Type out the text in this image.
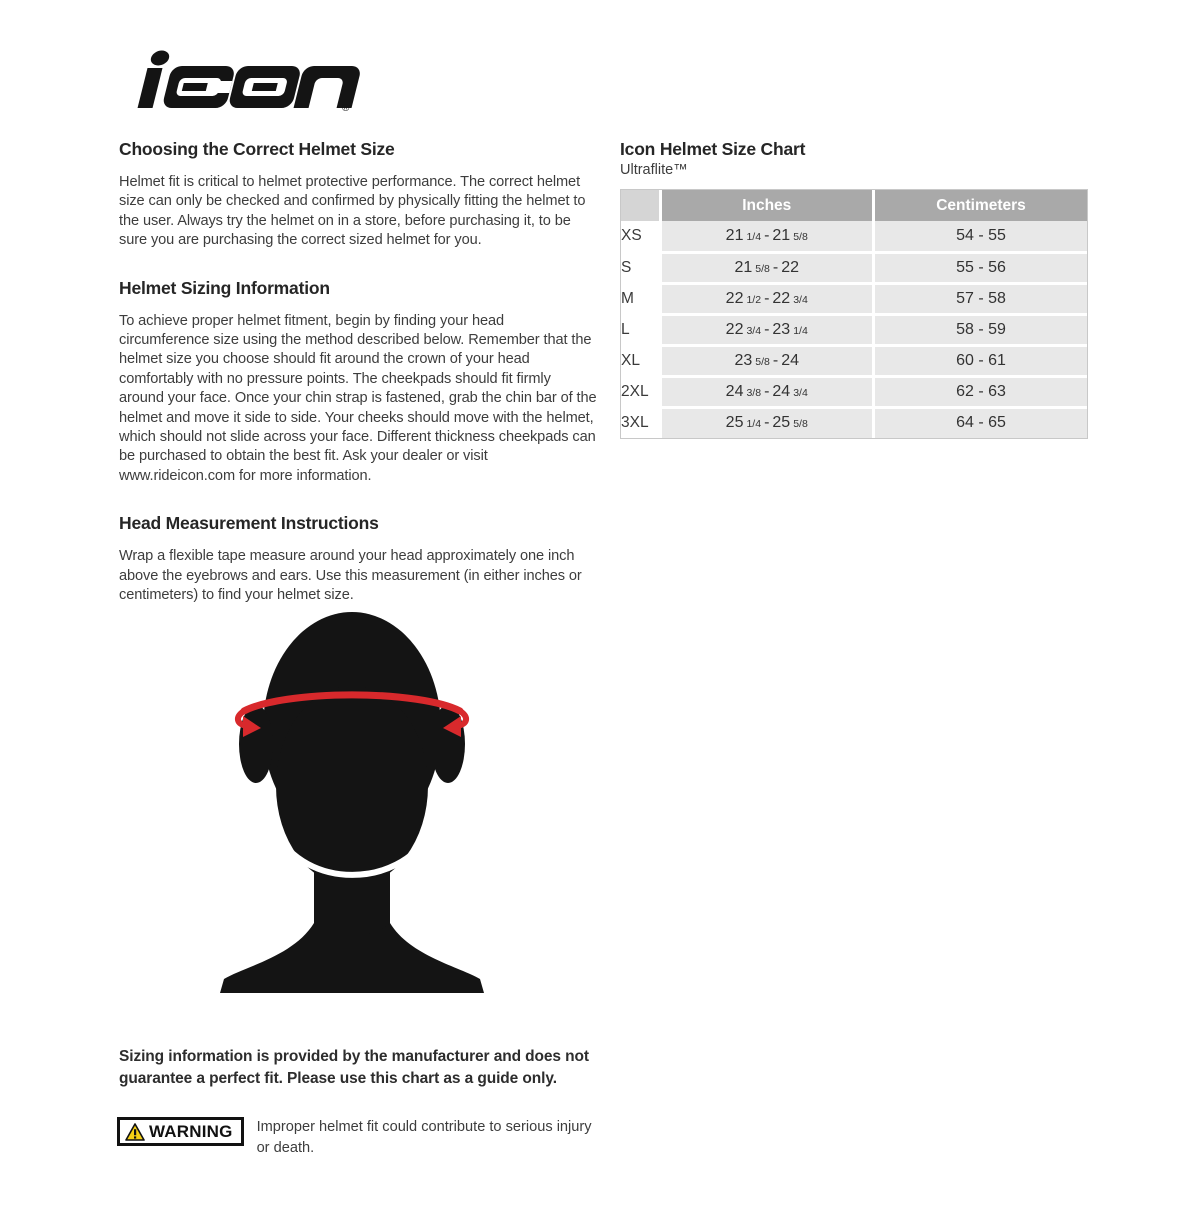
®
Choosing the Correct Helmet Size

Helmet fit is critical to helmet protective performance. The correct helmet size can only be checked and confirmed by physically fitting the helmet to the user. Always try the helmet on in a store, before purchasing it, to be sure you are purchasing the correct sized helmet for you.

Helmet Sizing Information

To achieve proper helmet fitment, begin by finding your head circumference size using the method described below. Remember that the helmet size you choose should fit around the crown of your head comfortably with no pressure points. The cheekpads should fit firmly around your face. Once your chin strap is fastened, grab the chin bar of the helmet and move it side to side. Your cheeks should move with the helmet, which should not slide across your face. Different thickness cheekpads can be purchased to obtain the best fit. Ask your dealer or visit www.rideicon.com for more information.

Head Measurement Instructions

Wrap a flexible tape measure around your head approximately one inch above the eyebrows and ears. Use this measurement (in either inches or centimeters) to find your helmet size.

Icon Helmet Size Chart
Ultraflite™
	Inches	Centimeters
XS	21 1/4 - 21 5/8	54 - 55
S	21 5/8 - 22	55 - 56
M	22 1/2 - 22 3/4	57 - 58
L	22 3/4 - 23 1/4	58 - 59
XL	23 5/8 - 24	60 - 61
2XL	24 3/8 - 24 3/4	62 - 63
3XL	25 1/4 - 25 5/8	64 - 65
Sizing information is provided by the manufacturer and does not guarantee a perfect fit. Please use this chart as a guide only.
WARNING Improper helmet fit could contribute to serious injury or death.
